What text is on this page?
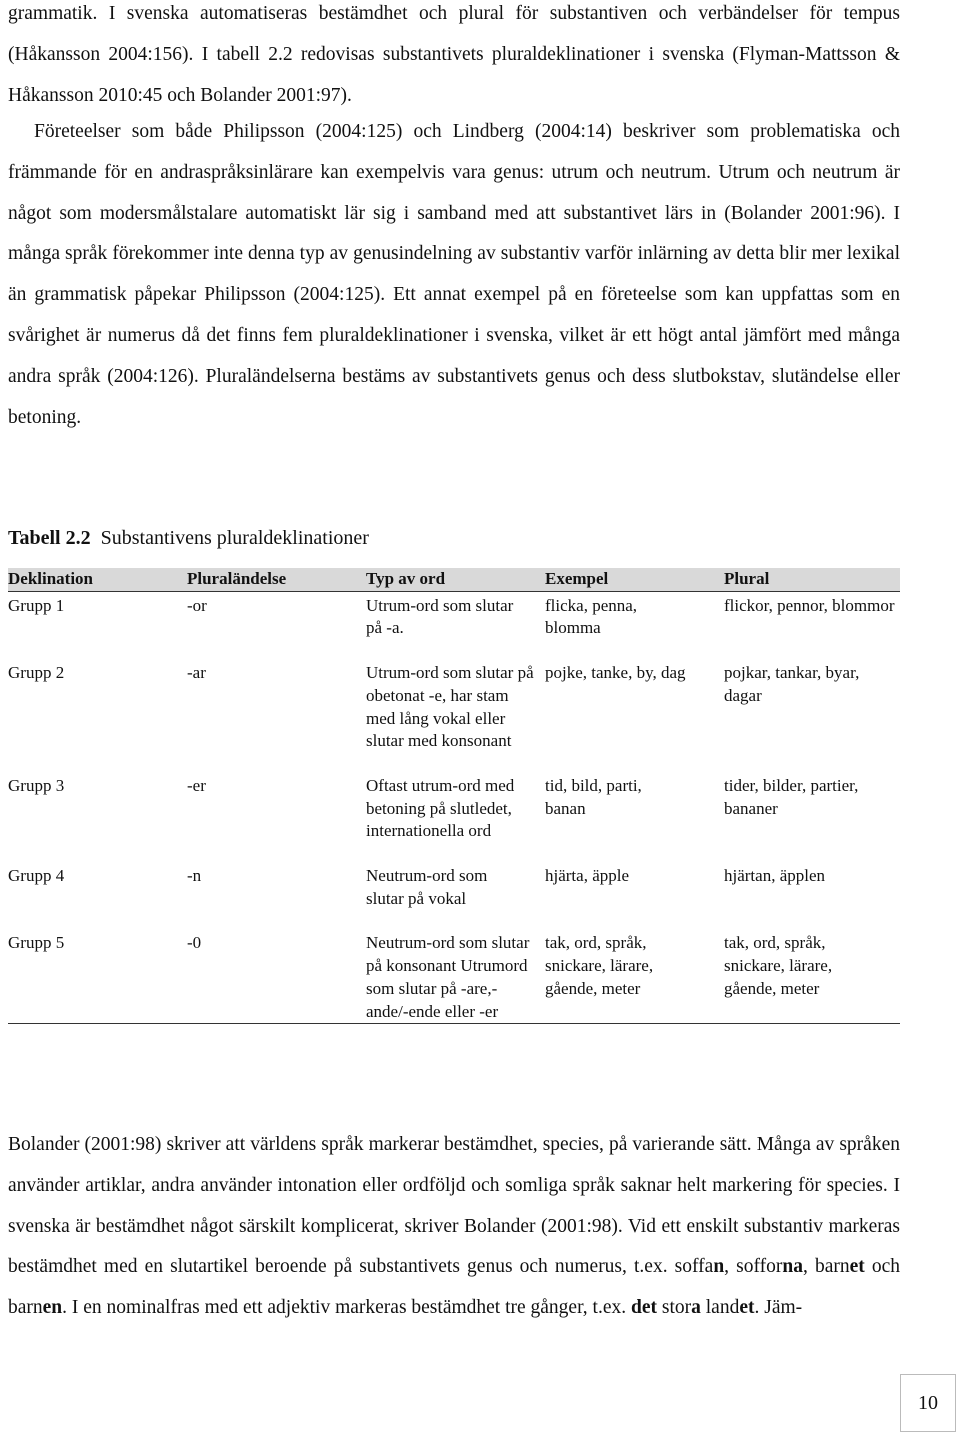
grammatik. I svenska automatiseras bestämdhet och plural för substantiven och verbändelser för tempus (Håkansson 2004:156). I tabell 2.2 redovisas substantivets pluraldeklinationer i svenska (Flyman-Mattsson & Håkansson 2010:45 och Bolander 2001:97).

Företeelser som både Philipsson (2004:125) och Lindberg (2004:14) beskriver som problematiska och främmande för en andraspråksinlärare kan exempelvis vara genus: utrum och neutrum. Utrum och neutrum är något som modersmålstalare automatiskt lär sig i samband med att substantivet lärs in (Bolander 2001:96). I många språk förekommer inte denna typ av genusindelning av substantiv varför inlärning av detta blir mer lexikal än grammatisk påpekar Philipsson (2004:125). Ett annat exempel på en företeelse som kan uppfattas som en svårighet är numerus då det finns fem pluraldeklinationer i svenska, vilket är ett högt antal jämfört med många andra språk (2004:126). Pluraländelserna bestäms av substantivets genus och dess slutbokstav, slutändelse eller betoning.

Tabell 2.2 Substantivens pluraldeklinationer
Deklination	Pluraländelse	Typ av ord	Exempel	Plural
Grupp 1	-or	Utrum-ord som slutar på -a.	flicka, penna, blomma	flickor, pennor, blommor
Grupp 2	-ar	Utrum-ord som slutar på obetonat -e, har stam med lång vokal eller slutar med konsonant	pojke, tanke, by, dag	pojkar, tankar, byar, dagar
Grupp 3	-er	Oftast utrum-ord med betoning på slutledet, internationella ord	tid, bild, parti, banan	tider, bilder, partier, bananer
Grupp 4	-n	Neutrum-ord som slutar på vokal	hjärta, äpple	hjärtan, äpplen
Grupp 5	-0	Neutrum-ord som slutar på konsonant Utrumord som slutar på -are,- ande/-ende eller -er	tak, ord, språk, snickare, lärare, gående, meter	tak, ord, språk, snickare, lärare, gående, meter

Bolander (2001:98) skriver att världens språk markerar bestämdhet, species, på varierande sätt. Många av språken använder artiklar, andra använder intonation eller ordföljd och somliga språk saknar helt markering för species. I svenska är bestämdhet något särskilt komplicerat, skriver Bolander (2001:98). Vid ett enskilt substantiv markeras bestämdhet med en slutartikel beroende på substantivets genus och numerus, t.ex. soffan, sofforna, barnet och barnen. I en nominalfras med ett adjektiv markeras bestämdhet tre gånger, t.ex. det stora landet. Jäm-

10
